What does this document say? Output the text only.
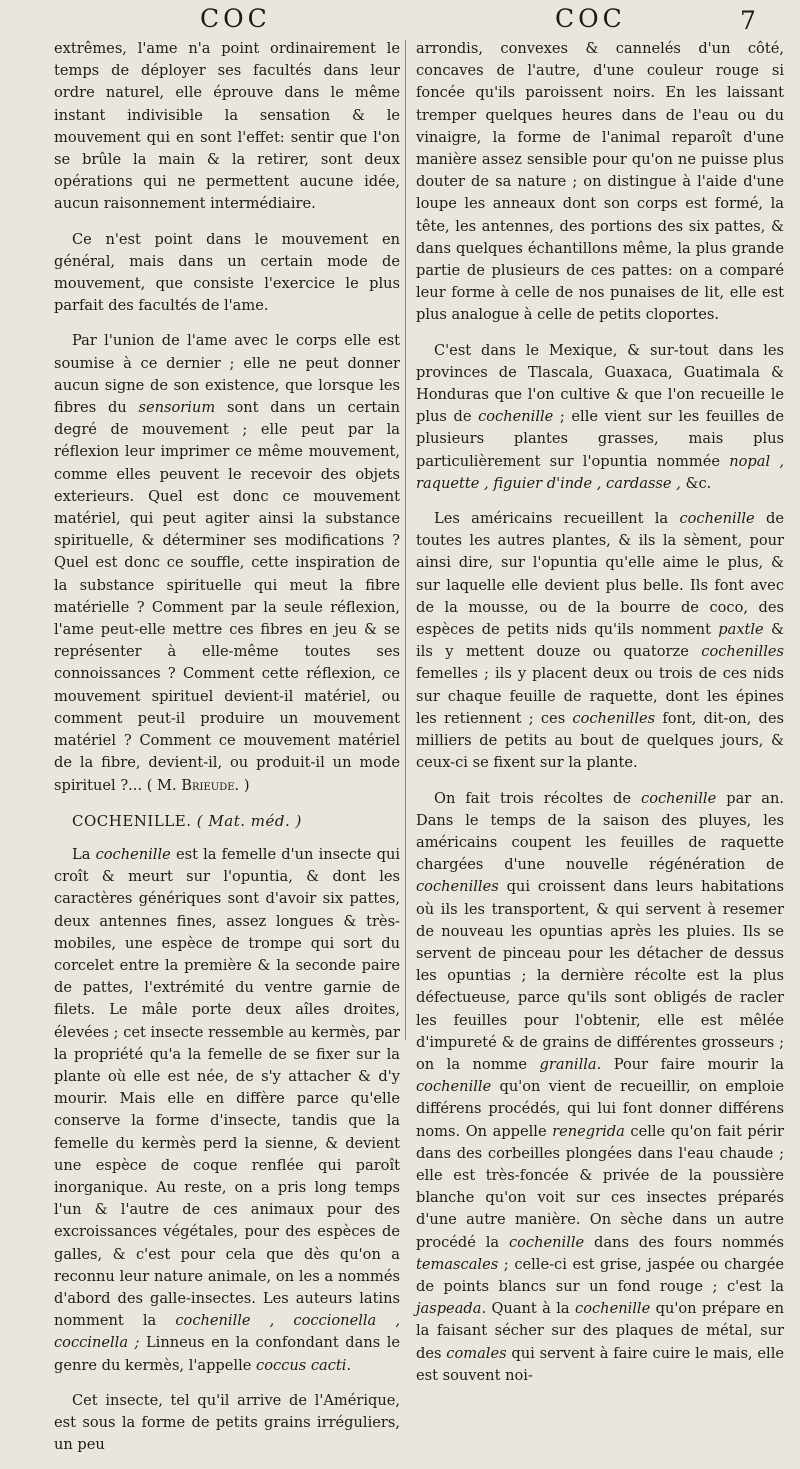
COC	COC	7

extrêmes, l'ame n'a point ordinairement le temps de déployer ses facultés dans leur ordre naturel, elle éprouve dans le même instant indivisible la sensation & le mouvement qui en sont l'effet: sentir que l'on se brûle la main & la retirer, sont deux opérations qui ne permettent aucune idée, aucun raisonnement intermédiaire.

Ce n'est point dans le mouvement en général, mais dans un certain mode de mouvement, que consiste l'exercice le plus parfait des facultés de l'ame.

Par l'union de l'ame avec le corps elle est soumise à ce dernier ; elle ne peut donner aucun signe de son existence, que lorsque les fibres du sensorium sont dans un certain degré de mouvement ; elle peut par la réflexion leur imprimer ce même mouvement, comme elles peuvent le recevoir des objets exterieurs. Quel est donc ce mouvement matériel, qui peut agiter ainsi la substance spirituelle, & déterminer ses modifications ? Quel est donc ce souffle, cette inspiration de la substance spirituelle qui meut la fibre matérielle ? Comment par la seule réflexion, l'ame peut-elle mettre ces fibres en jeu & se représenter à elle-même toutes ses connoissances ? Comment cette réflexion, ce mouvement spirituel devient-il matériel, ou comment peut-il produire un mouvement matériel ? Comment ce mouvement matériel de la fibre, devient-il, ou produit-il un mode spirituel ?... ( M. Brieude. )

COCHENILLE. ( Mat. méd. )

La cochenille est la femelle d'un insecte qui croît & meurt sur l'opuntia, & dont les caractères génériques sont d'avoir six pattes, deux antennes fines, assez longues & très-mobiles, une espèce de trompe qui sort du corcelet entre la première & la seconde paire de pattes, l'extrémité du ventre garnie de filets. Le mâle porte deux aîles droites, élevées ; cet insecte ressemble au kermès, par la propriété qu'a la femelle de se fixer sur la plante où elle est née, de s'y attacher & d'y mourir. Mais elle en diffère parce qu'elle conserve la forme d'insecte, tandis que la femelle du kermès perd la sienne, & devient une espèce de coque renflée qui paroît inorganique. Au reste, on a pris long temps l'un & l'autre de ces animaux pour des excroissances végétales, pour des espèces de galles, & c'est pour cela que dès qu'on a reconnu leur nature animale, on les a nommés d'abord des galle-insectes. Les auteurs latins nomment la cochenille , coccionella , coccinella ; Linneus en la confondant dans le genre du kermès, l'appelle coccus cacti.

Cet insecte, tel qu'il arrive de l'Amérique, est sous la forme de petits grains irréguliers, un peu

arrondis, convexes & cannelés d'un côté, concaves de l'autre, d'une couleur rouge si foncée qu'ils paroissent noirs. En les laissant tremper quelques heures dans de l'eau ou du vinaigre, la forme de l'animal reparoît d'une manière assez sensible pour qu'on ne puisse plus douter de sa nature ; on distingue à l'aide d'une loupe les anneaux dont son corps est formé, la tête, les antennes, des portions des six pattes, & dans quelques échantillons même, la plus grande partie de plusieurs de ces pattes: on a comparé leur forme à celle de nos punaises de lit, elle est plus analogue à celle de petits cloportes.

C'est dans le Mexique, & sur-tout dans les provinces de Tlascala, Guaxaca, Guatimala & Honduras que l'on cultive & que l'on recueille le plus de cochenille ; elle vient sur les feuilles de plusieurs plantes grasses, mais plus particulièrement sur l'opuntia nommée nopal , raquette , figuier d'inde , cardasse , &c.

Les américains recueillent la cochenille de toutes les autres plantes, & ils la sèment, pour ainsi dire, sur l'opuntia qu'elle aime le plus, & sur laquelle elle devient plus belle. Ils font avec de la mousse, ou de la bourre de coco, des espèces de petits nids qu'ils nomment paxtle & ils y mettent douze ou quatorze cochenilles femelles ; ils y placent deux ou trois de ces nids sur chaque feuille de raquette, dont les épines les retiennent ; ces cochenilles font, dit-on, des milliers de petits au bout de quelques jours, & ceux-ci se fixent sur la plante.

On fait trois récoltes de cochenille par an. Dans le temps de la saison des pluyes, les américains coupent les feuilles de raquette chargées d'une nouvelle régénération de cochenilles qui croissent dans leurs habitations où ils les transportent, & qui servent à resemer de nouveau les opuntias après les pluies. Ils se servent de pinceau pour les détacher de dessus les opuntias ; la dernière récolte est la plus défectueuse, parce qu'ils sont obligés de racler les feuilles pour l'obtenir, elle est mêlée d'impureté & de grains de différentes grosseurs ; on la nomme granilla. Pour faire mourir la cochenille qu'on vient de recueillir, on emploie différens procédés, qui lui font donner différens noms. On appelle renegrida celle qu'on fait périr dans des corbeilles plongées dans l'eau chaude ; elle est très-foncée & privée de la poussière blanche qu'on voit sur ces insectes préparés d'une autre manière. On sèche dans un autre procédé la cochenille dans des fours nommés temascales ; celle-ci est grise, jaspée ou chargée de points blancs sur un fond rouge ; c'est la jaspeada. Quant à la cochenille qu'on prépare en la faisant sécher sur des plaques de métal, sur des comales qui servent à faire cuire le mais, elle est souvent noi-
